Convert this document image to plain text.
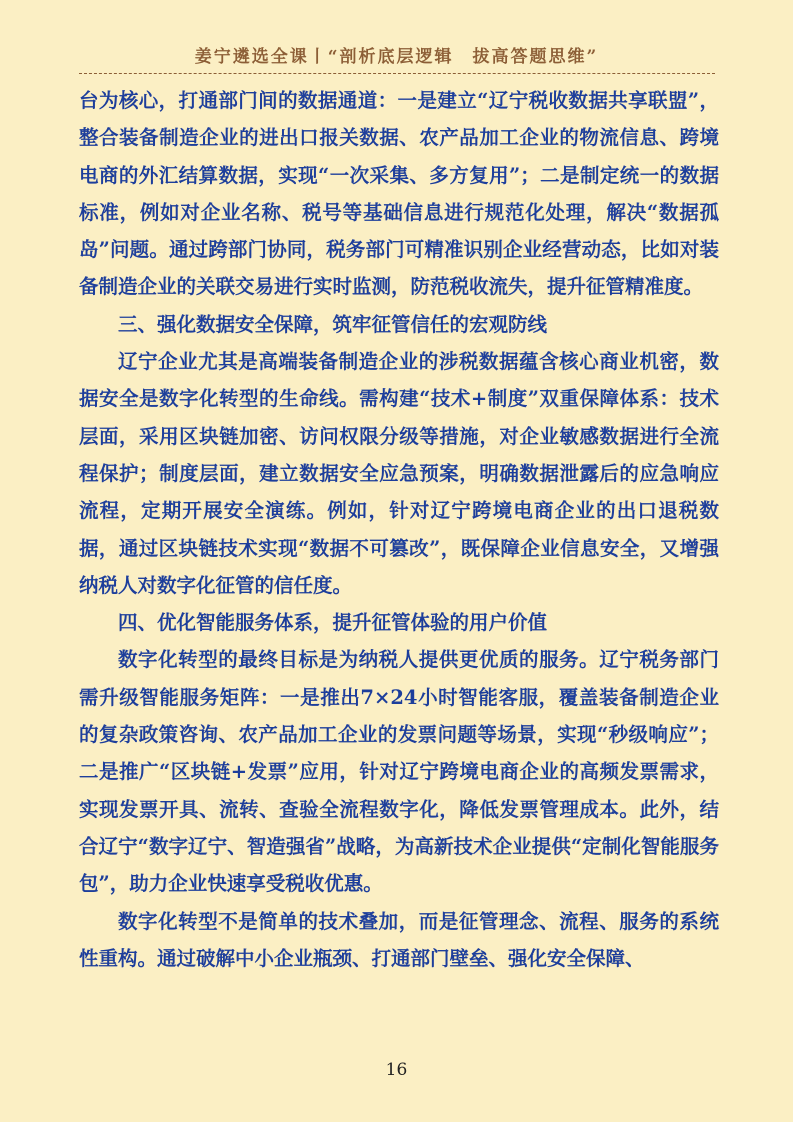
姜宁遴选全课丨“剖析底层逻辑　拔高答题思维”

台为核心，打通部门间的数据通道：一是建立“辽宁税收数据共享联盟”，整合装备制造企业的进出口报关数据、农产品加工企业的物流信息、跨境电商的外汇结算数据，实现“一次采集、多方复用”；二是制定统一的数据标准，例如对企业名称、税号等基础信息进行规范化处理，解决“数据孤岛”问题。通过跨部门协同，税务部门可精准识别企业经营动态，比如对装备制造企业的关联交易进行实时监测，防范税收流失，提升征管精准度。

三、强化数据安全保障，筑牢征管信任的宏观防线

辽宁企业尤其是高端装备制造企业的涉税数据蕴含核心商业机密，数据安全是数字化转型的生命线。需构建“技术+制度”双重保障体系：技术层面，采用区块链加密、访问权限分级等措施，对企业敏感数据进行全流程保护；制度层面，建立数据安全应急预案，明确数据泄露后的应急响应流程，定期开展安全演练。例如，针对辽宁跨境电商企业的出口退税数据，通过区块链技术实现“数据不可篡改”，既保障企业信息安全，又增强纳税人对数字化征管的信任度。

四、优化智能服务体系，提升征管体验的用户价值

数字化转型的最终目标是为纳税人提供更优质的服务。辽宁税务部门需升级智能服务矩阵：一是推出7×24小时智能客服，覆盖装备制造企业的复杂政策咨询、农产品加工企业的发票问题等场景，实现“秒级响应”；二是推广“区块链+发票”应用，针对辽宁跨境电商企业的高频发票需求，实现发票开具、流转、查验全流程数字化，降低发票管理成本。此外，结合辽宁“数字辽宁、智造强省”战略，为高新技术企业提供“定制化智能服务包”，助力企业快速享受税收优惠。

数字化转型不是简单的技术叠加，而是征管理念、流程、服务的系统性重构。通过破解中小企业瓶颈、打通部门壁垒、强化安全保障、

16
